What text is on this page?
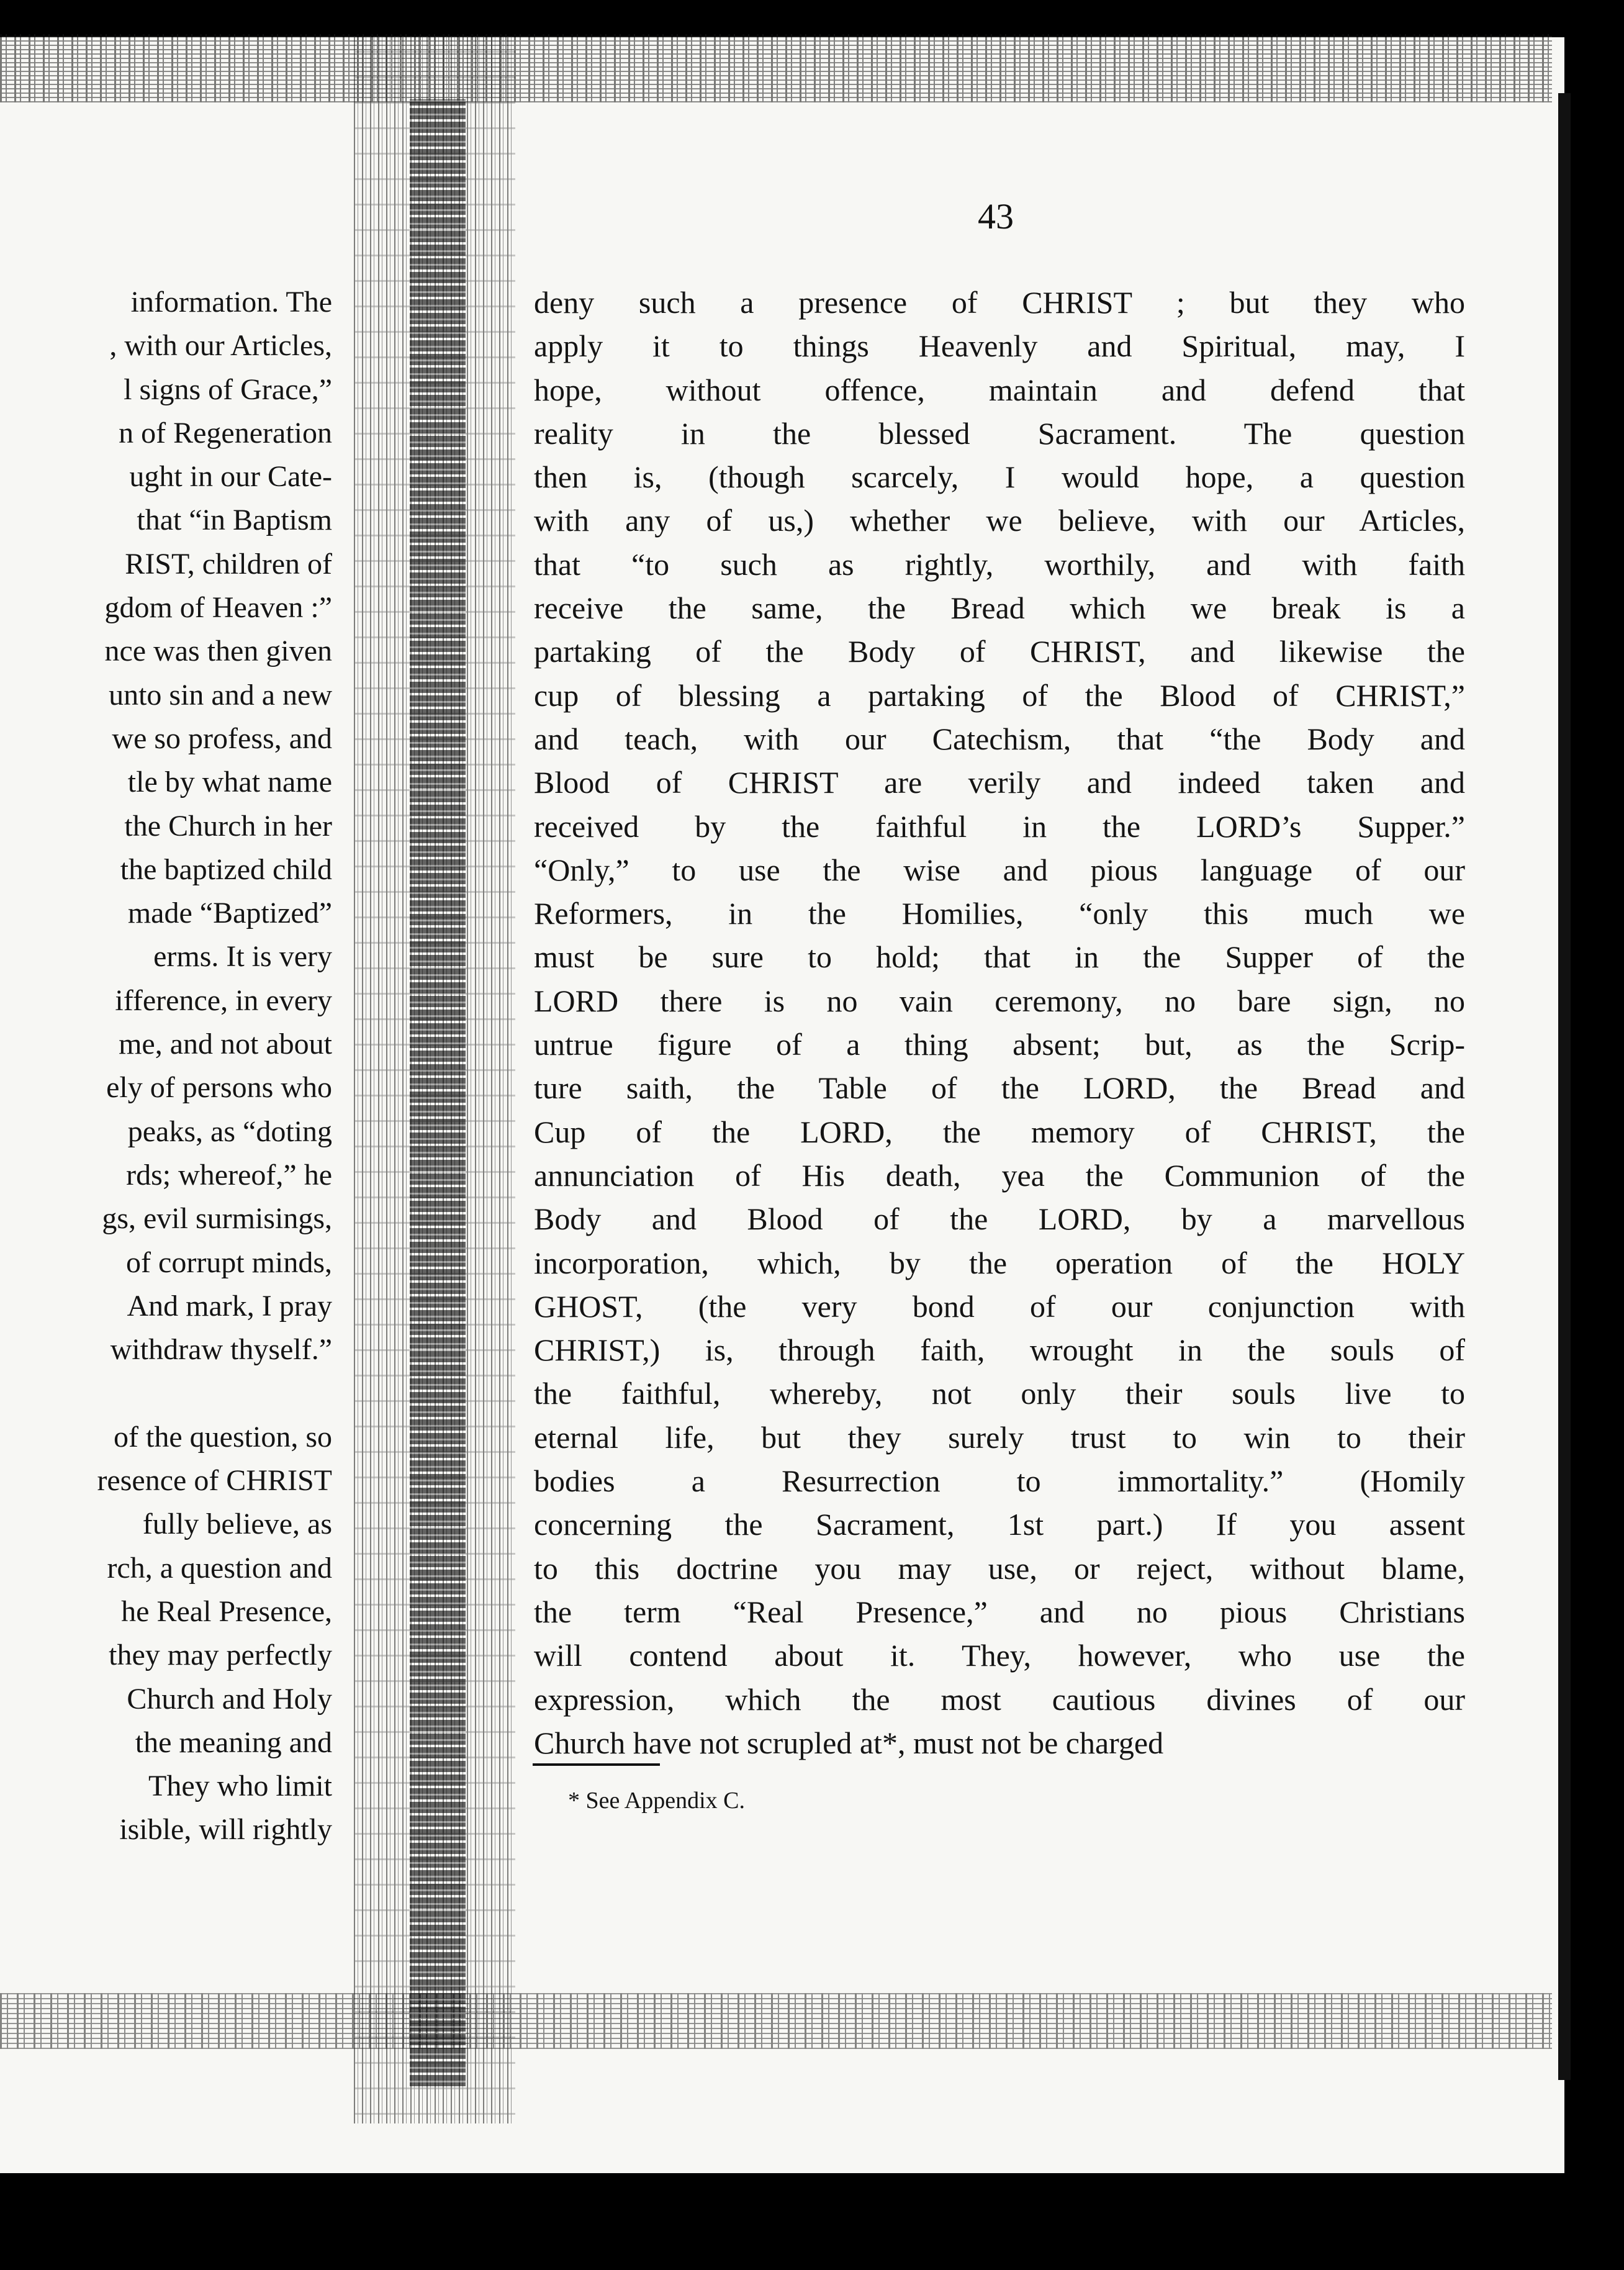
43
information. The
, with our Articles,
l signs of Grace,”
n of Regeneration
ught in our Cate-
that “in Baptism
RIST, children of
gdom of Heaven :”
nce was then given
unto sin and a new
we so profess, and
tle by what name
the Church in her
the baptized child
made “Baptized”
erms. It is very
ifference, in every
me, and not about
ely of persons who
peaks, as “doting
rds; whereof,” he
gs, evil surmisings,
of corrupt minds,
And mark, I pray
withdraw thyself.”
of the question, so
resence of CHRIST
fully believe, as
rch, a question and
he Real Presence,
they may perfectly
Church and Holy
the meaning and
They who limit
isible, will rightly
deny such a presence of CHRIST ; but they who
apply it to things Heavenly and Spiritual, may, I
hope, without offence, maintain and defend that
reality in the blessed Sacrament. The question
then is, (though scarcely, I would hope, a question
with any of us,) whether we believe, with our Articles,
that “to such as rightly, worthily, and with faith
receive the same, the Bread which we break is a
partaking of the Body of CHRIST, and likewise the
cup of blessing a partaking of the Blood of CHRIST,”
and teach, with our Catechism, that “the Body and
Blood of CHRIST are verily and indeed taken and
received by the faithful in the LORD’s Supper.”
“Only,” to use the wise and pious language of our
Reformers, in the Homilies, “only this much we
must be sure to hold; that in the Supper of the
LORD there is no vain ceremony, no bare sign, no
untrue figure of a thing absent; but, as the Scrip-
ture saith, the Table of the LORD, the Bread and
Cup of the LORD, the memory of CHRIST, the
annunciation of His death, yea the Communion of the
Body and Blood of the LORD, by a marvellous
incorporation, which, by the operation of the HOLY
GHOST, (the very bond of our conjunction with
CHRIST,) is, through faith, wrought in the souls of
the faithful, whereby, not only their souls live to
eternal life, but they surely trust to win to their
bodies a Resurrection to immortality.” (Homily
concerning the Sacrament, 1st part.) If you assent
to this doctrine you may use, or reject, without blame,
the term “Real Presence,” and no pious Christians
will contend about it. They, however, who use the
expression, which the most cautious divines of our
Church have not scrupled at*, must not be charged
* See Appendix C.
